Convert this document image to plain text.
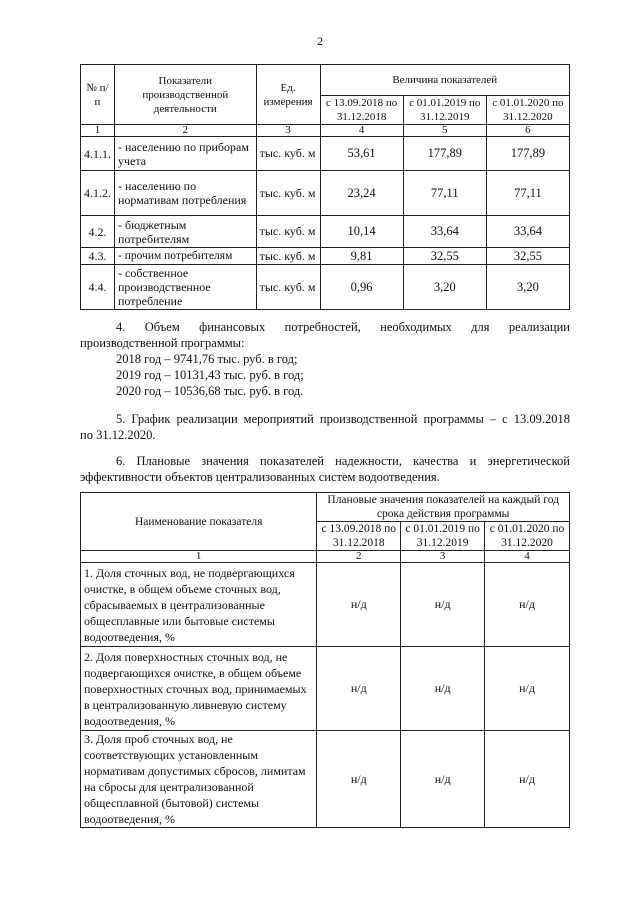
2
№ п/п	Показатели производственной деятельности	Ед. измерения	Величина показателей		
			с 13.09.2018 по 31.12.2018	с 01.01.2019 по 31.12.2019	с 01.01.2020 по 31.12.2020
1	2	3	4	5	6
4.1.1.	- населению по приборам учета	тыс. куб. м	53,61	177,89	177,89
4.1.2.	- населению по нормативам потребления	тыс. куб. м	23,24	77,11	77,11
4.2.	- бюджетным потребителям	тыс. куб. м	10,14	33,64	33,64
4.3.	- прочим потребителям	тыс. куб. м	9,81	32,55	32,55
4.4.	- собственное производственное потребление	тыс. куб. м	0,96	3,20	3,20
4. Объем финансовых потребностей, необходимых для реализации
производственной программы:
2018 год – 9741,76 тыс. руб. в год;
2019 год – 10131,43 тыс. руб. в год;
2020 год – 10536,68 тыс. руб. в год.
5. График реализации мероприятий производственной программы – с 13.09.2018
по 31.12.2020.
6. Плановые значения показателей надежности, качества и энергетической
эффективности объектов централизованных систем водоотведения.
Наименование показателя	Плановые значения показателей на каждый год срока действия программы		
	с 13.09.2018 по 31.12.2018	с 01.01.2019 по 31.12.2019	с 01.01.2020 по 31.12.2020
1	2	3	4
1. Доля сточных вод, не подвергающихся очистке, в общем объеме сточных вод, сбрасываемых в централизованные общесплавные или бытовые системы водоотведения, %	н/д	н/д	н/д
2. Доля поверхностных сточных вод, не подвергающихся очистке, в общем объеме поверхностных сточных вод, принимаемых в централизованную ливневую систему водоотведения, %	н/д	н/д	н/д
3. Доля проб сточных вод, не соответствующих установленным нормативам допустимых сбросов, лимитам на сбросы для централизованной общесплавной (бытовой) системы водоотведения, %	н/д	н/д	н/д
